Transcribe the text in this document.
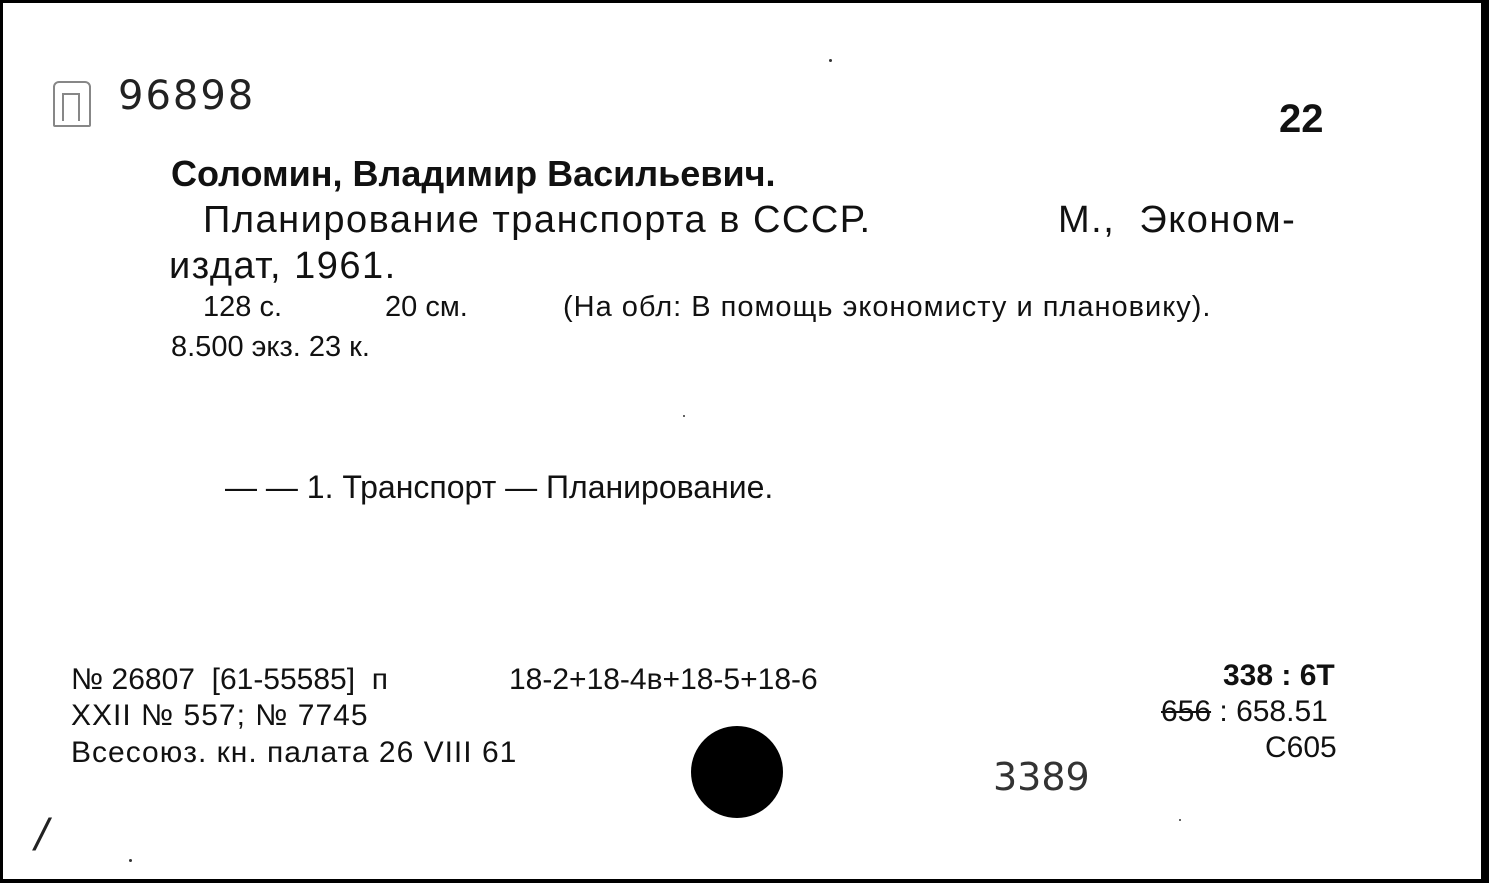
96898	22
Соломин, Владимир Васильевич.
Планирование транспорта в СССР.	М.,  Эконом-
издат, 1961.
128 с.	20 см.	(На обл: В помощь экономисту и плановику).
8.500 экз. 23 к.
— — 1. Транспорт — Планирование.
№ 26807  [61-55585]  п	18-2+18-4в+18-5+18-6
XXII № 557; № 7745
Всесоюз. кн. палата 26 VIII 61
3389
338 : 6Т
656 : 658.51
С605
/
